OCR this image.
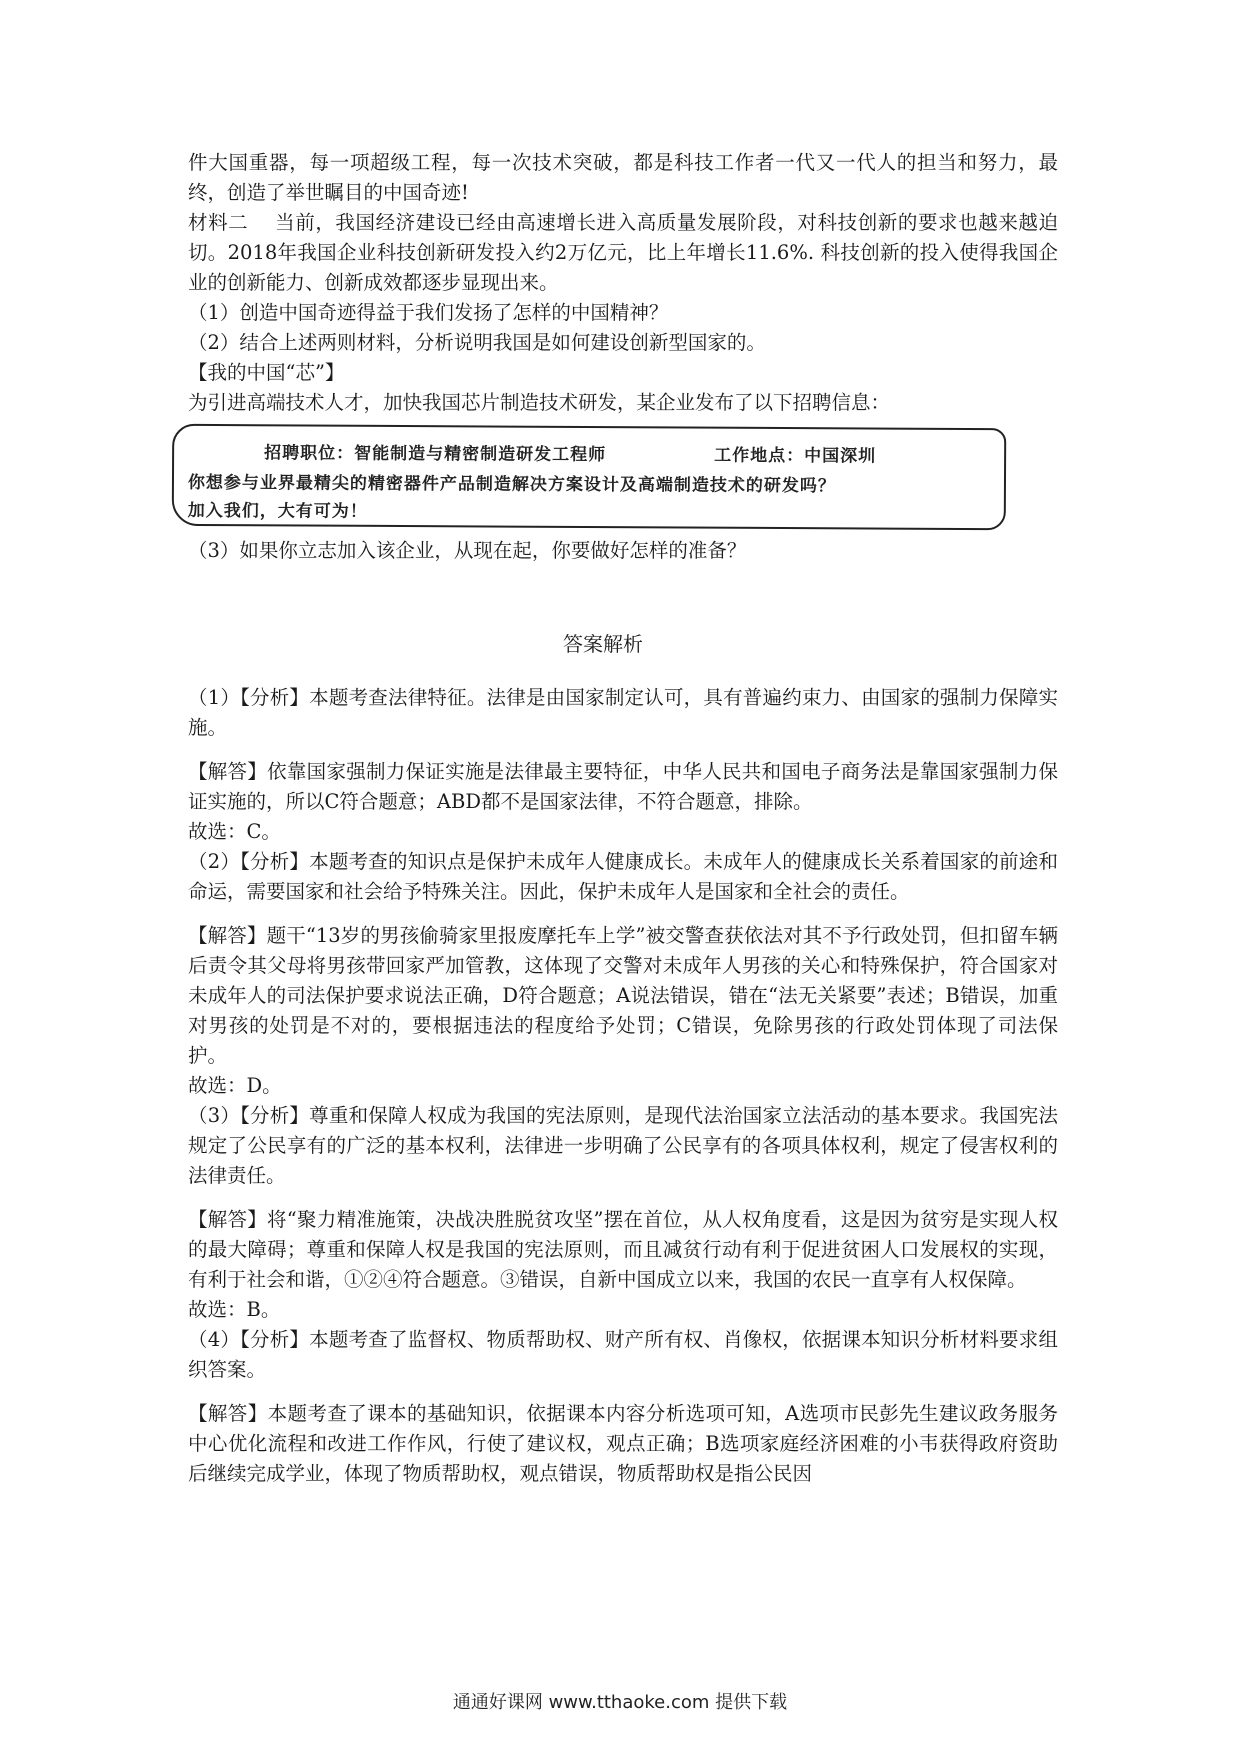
件大国重器，每一项超级工程，每一次技术突破，都是科技工作者一代又一代人的担当和努力，最终，创造了举世瞩目的中国奇迹!

材料二　 当前，我国经济建设已经由高速增长进入高质量发展阶段，对科技创新的要求也越来越迫切。2018年我国企业科技创新研发投入约2万亿元，比上年增长11.6%. 科技创新的投入使得我国企业的创新能力、创新成效都逐步显现出来。

（1）创造中国奇迹得益于我们发扬了怎样的中国精神？

（2）结合上述两则材料，分析说明我国是如何建设创新型国家的。

【我的中国“芯”】

为引进高端技术人才，加快我国芯片制造技术研发，某企业发布了以下招聘信息：

招聘职位：智能制造与精密制造研发工程师	工作地点：中国深圳
你想参与业界最精尖的精密器件产品制造解决方案设计及高端制造技术的研发吗？
加入我们，大有可为！

（3）如果你立志加入该企业，从现在起，你要做好怎样的准备？

答案解析

（1）【分析】本题考查法律特征。法律是由国家制定认可，具有普遍约束力、由国家的强制力保障实施。

【解答】依靠国家强制力保证实施是法律最主要特征，中华人民共和国电子商务法是靠国家强制力保证实施的，所以C符合题意；ABD都不是国家法律，不符合题意，排除。

故选：C。

（2）【分析】本题考查的知识点是保护未成年人健康成长。未成年人的健康成长关系着国家的前途和命运，需要国家和社会给予特殊关注。因此，保护未成年人是国家和全社会的责任。

【解答】题干“13岁的男孩偷骑家里报废摩托车上学”被交警查获依法对其不予行政处罚，但扣留车辆后责令其父母将男孩带回家严加管教，这体现了交警对未成年人男孩的关心和特殊保护，符合国家对未成年人的司法保护要求说法正确，D符合题意；A说法错误，错在“法无关紧要”表述；B错误，加重对男孩的处罚是不对的，要根据违法的程度给予处罚；C错误，免除男孩的行政处罚体现了司法保护。

故选：D。

（3）【分析】尊重和保障人权成为我国的宪法原则，是现代法治国家立法活动的基本要求。我国宪法规定了公民享有的广泛的基本权利，法律进一步明确了公民享有的各项具体权利，规定了侵害权利的法律责任。

【解答】将“聚力精准施策，决战决胜脱贫攻坚”摆在首位，从人权角度看，这是因为贫穷是实现人权的最大障碍；尊重和保障人权是我国的宪法原则，而且减贫行动有利于促进贫困人口发展权的实现，有利于社会和谐，①②④符合题意。③错误，自新中国成立以来，我国的农民一直享有人权保障。

故选：B。

（4）【分析】本题考查了监督权、物质帮助权、财产所有权、肖像权，依据课本知识分析材料要求组织答案。

【解答】本题考查了课本的基础知识，依据课本内容分析选项可知，A选项市民彭先生建议政务服务中心优化流程和改进工作作风，行使了建议权，观点正确；B选项家庭经济困难的小韦获得政府资助后继续完成学业，体现了物质帮助权，观点错误，物质帮助权是指公民因

通通好课网 www.tthaoke.com 提供下载
